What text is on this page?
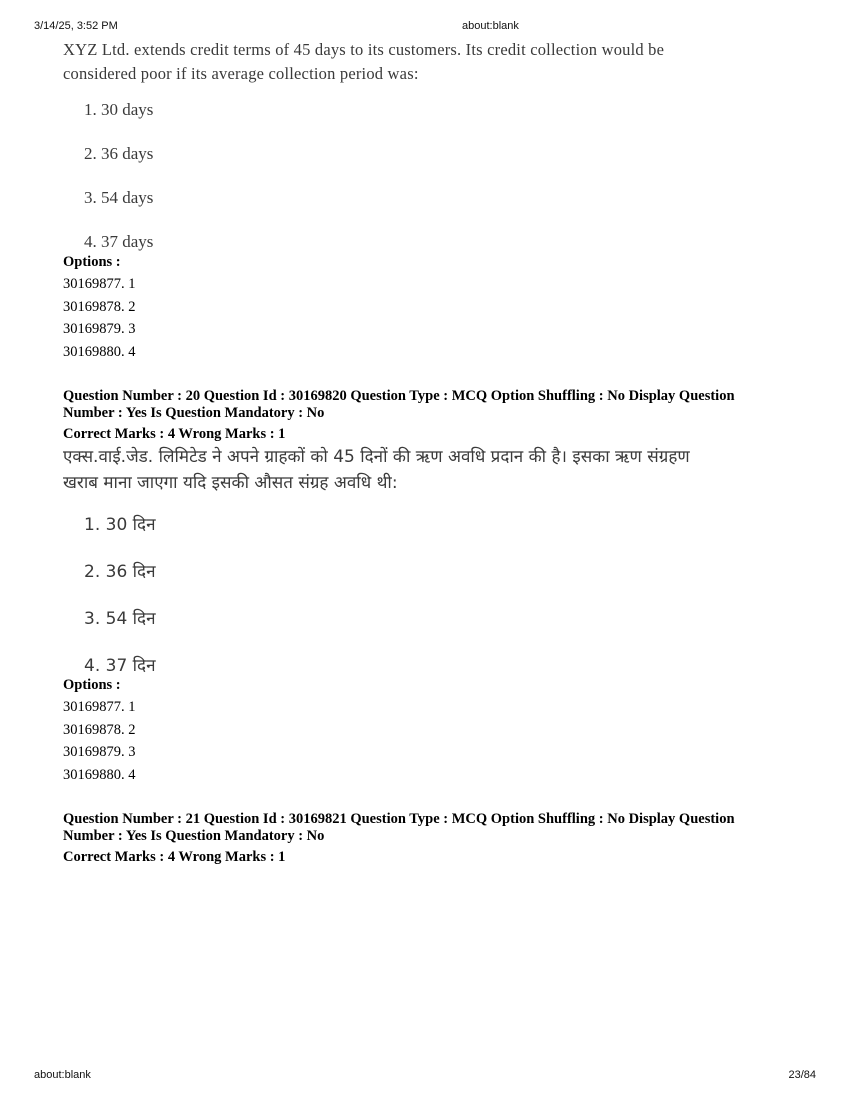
3/14/25, 3:52 PM	about:blank
XYZ Ltd. extends credit terms of 45 days to its customers. Its credit collection would be
considered poor if its average collection period was:
1. 30 days
2. 36 days
3. 54 days
4. 37 days
Options :
30169877. 1
30169878. 2
30169879. 3
30169880. 4
Question Number : 20 Question Id : 30169820 Question Type : MCQ Option Shuffling : No Display Question
Number : Yes Is Question Mandatory : No
Correct Marks : 4 Wrong Marks : 1
एक्स.वाई.जेड. लिमिटेड ने अपने ग्राहकों को 45 दिनों की ऋण अवधि प्रदान की है। इसका ऋण संग्रहण
खराब माना जाएगा यदि इसकी औसत संग्रह अवधि थी:
1. 30 दिन
2. 36 दिन
3. 54 दिन
4. 37 दिन
Options :
30169877. 1
30169878. 2
30169879. 3
30169880. 4
Question Number : 21 Question Id : 30169821 Question Type : MCQ Option Shuffling : No Display Question
Number : Yes Is Question Mandatory : No
Correct Marks : 4 Wrong Marks : 1
about:blank	23/84
